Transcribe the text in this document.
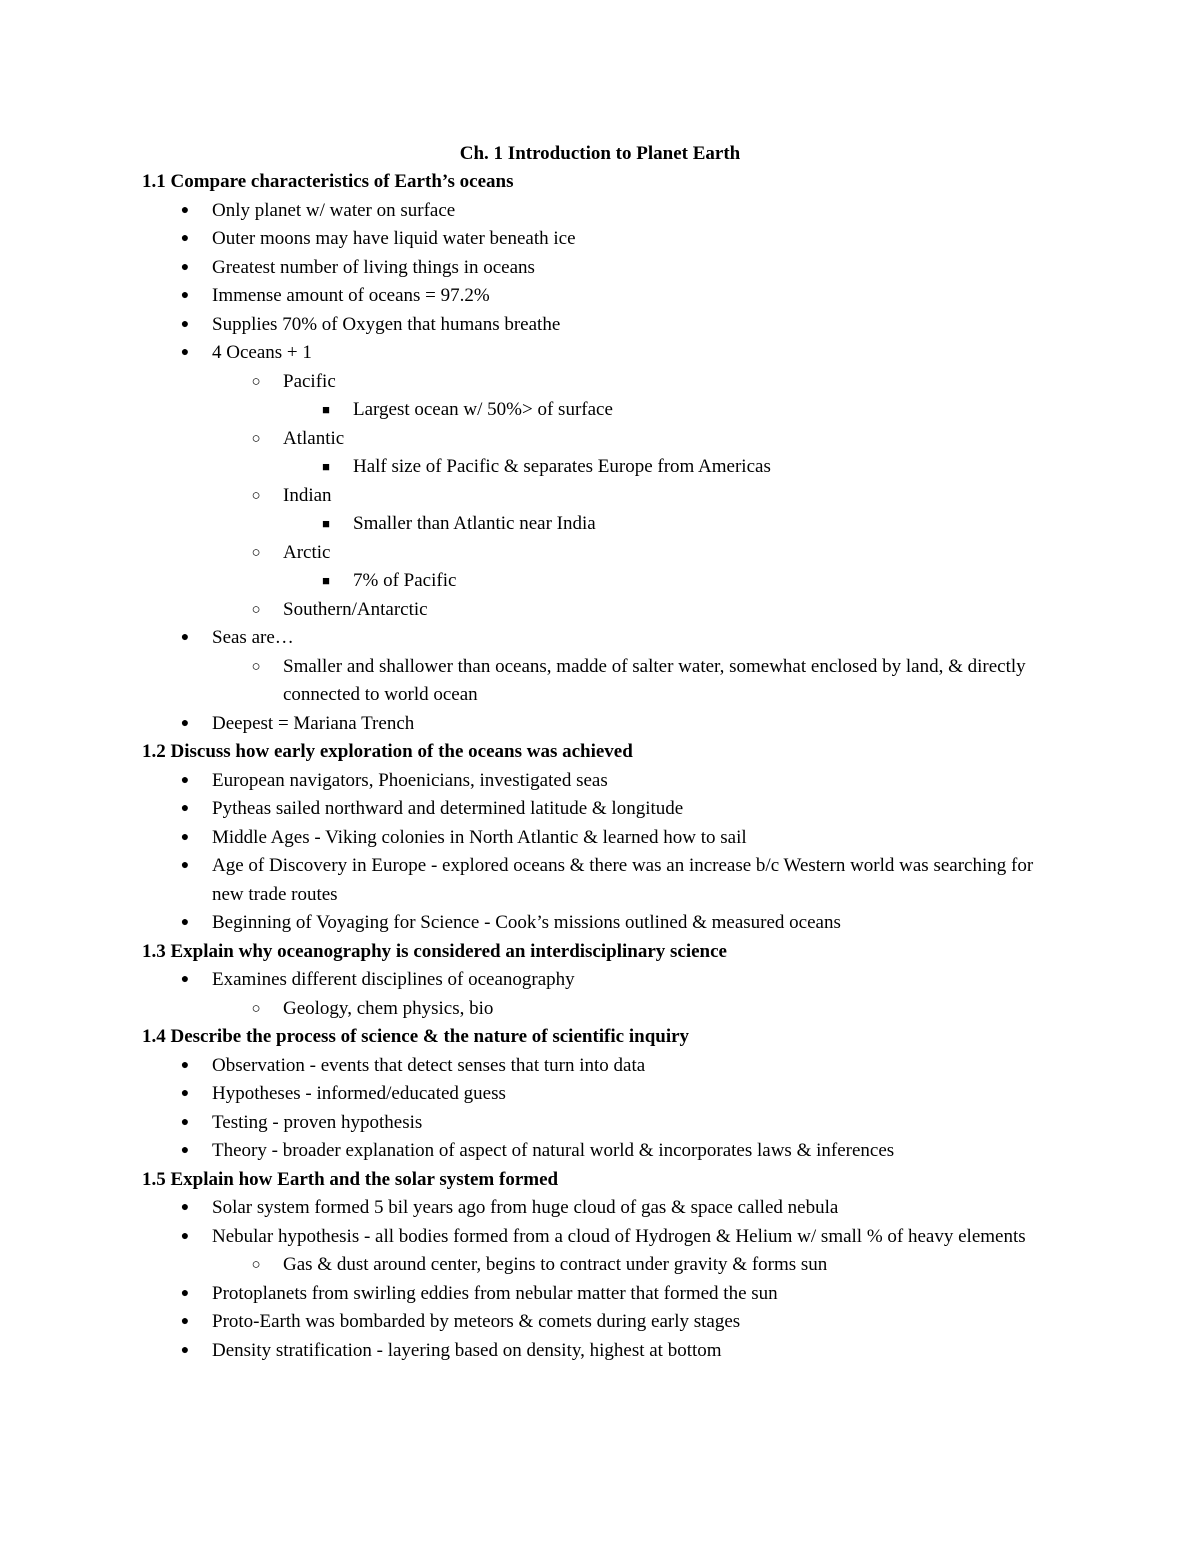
Ch. 1 Introduction to Planet Earth
1.1 Compare characteristics of Earth’s oceans
●	Only planet w/ water on surface
●	Outer moons may have liquid water beneath ice
●	Greatest number of living things in oceans
●	Immense amount of oceans = 97.2%
●	Supplies 70% of Oxygen that humans breathe
●	4 Oceans + 1
○ Pacific
■	Largest ocean w/ 50%> of surface
○ Atlantic
■	Half size of Pacific & separates Europe from Americas
○ Indian
■	Smaller than Atlantic near India
○ Arctic
■	7% of Pacific
○ Southern/Antarctic
●	Seas are…
○ Smaller and shallower than oceans, madde of salter water, somewhat enclosed by land, & directly connected to world ocean
●	Deepest = Mariana Trench
1.2 Discuss how early exploration of the oceans was achieved
●	European navigators, Phoenicians, investigated seas
●	Pytheas sailed northward and determined latitude & longitude
●	Middle Ages - Viking colonies in North Atlantic & learned how to sail
●	Age of Discovery in Europe - explored oceans & there was an increase b/c Western world was searching for new trade routes
●	Beginning of Voyaging for Science - Cook’s missions outlined & measured oceans
1.3 Explain why oceanography is considered an interdisciplinary science
●	Examines different disciplines of oceanography
○ Geology, chem physics, bio
1.4 Describe the process of science & the nature of scientific inquiry
●	Observation - events that detect senses that turn into data
●	Hypotheses - informed/educated guess
●	Testing - proven hypothesis
●	Theory - broader explanation of aspect of natural world & incorporates laws & inferences
1.5 Explain how Earth and the solar system formed
●	Solar system formed 5 bil years ago from huge cloud of gas & space called nebula
●	Nebular hypothesis - all bodies formed from a cloud of Hydrogen & Helium w/ small % of heavy elements
○ Gas & dust around center, begins to contract under gravity & forms sun
●	Protoplanets from swirling eddies from nebular matter that formed the sun
●	Proto-Earth was bombarded by meteors & comets during early stages
●	Density stratification - layering based on density, highest at bottom
